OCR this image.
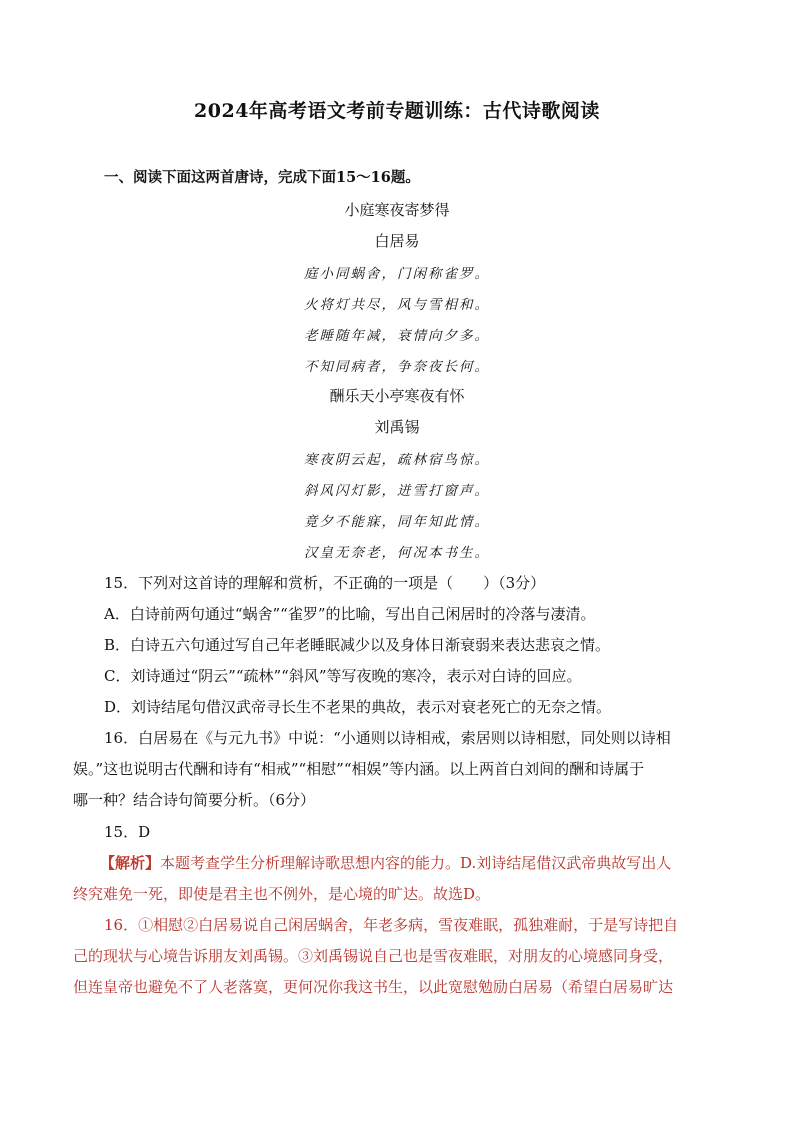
2024年高考语文考前专题训练：古代诗歌阅读

一、阅读下面这两首唐诗，完成下面15～16题。

小庭寒夜寄梦得

白居易

庭小同蜗舍，门闲称雀罗。

火将灯共尽，风与雪相和。

老睡随年减，衰情向夕多。

不知同病者，争奈夜长何。

酬乐天小亭寒夜有怀

刘禹锡

寒夜阴云起，疏林宿鸟惊。

斜风闪灯影，迸雪打窗声。

竟夕不能寐，同年知此情。

汉皇无奈老，何况本书生。

15．下列对这首诗的理解和赏析，不正确的一项是（　　）（3分）

A．白诗前两句通过“蜗舍”“雀罗”的比喻，写出自己闲居时的冷落与凄清。

B．白诗五六句通过写自己年老睡眠减少以及身体日渐衰弱来表达悲哀之情。

C．刘诗通过“阴云”“疏林”“斜风”等写夜晚的寒冷，表示对白诗的回应。

D．刘诗结尾句借汉武帝寻长生不老果的典故，表示对衰老死亡的无奈之情。

16．白居易在《与元九书》中说：“小通则以诗相戒，索居则以诗相慰，同处则以诗相

娱。”这也说明古代酬和诗有“相戒”“相慰”“相娱”等内涵。以上两首白刘间的酬和诗属于

哪一种？结合诗句简要分析。（6分）

15．D

【解析】本题考查学生分析理解诗歌思想内容的能力。D.刘诗结尾借汉武帝典故写出人

终究难免一死，即使是君主也不例外，是心境的旷达。故选D。

16．①相慰②白居易说自己闲居蜗舍，年老多病，雪夜难眠，孤独难耐，于是写诗把自

己的现状与心境告诉朋友刘禹锡。③刘禹锡说自己也是雪夜难眠，对朋友的心境感同身受，

但连皇帝也避免不了人老落寞，更何况你我这书生，以此宽慰勉励白居易（希望白居易旷达
